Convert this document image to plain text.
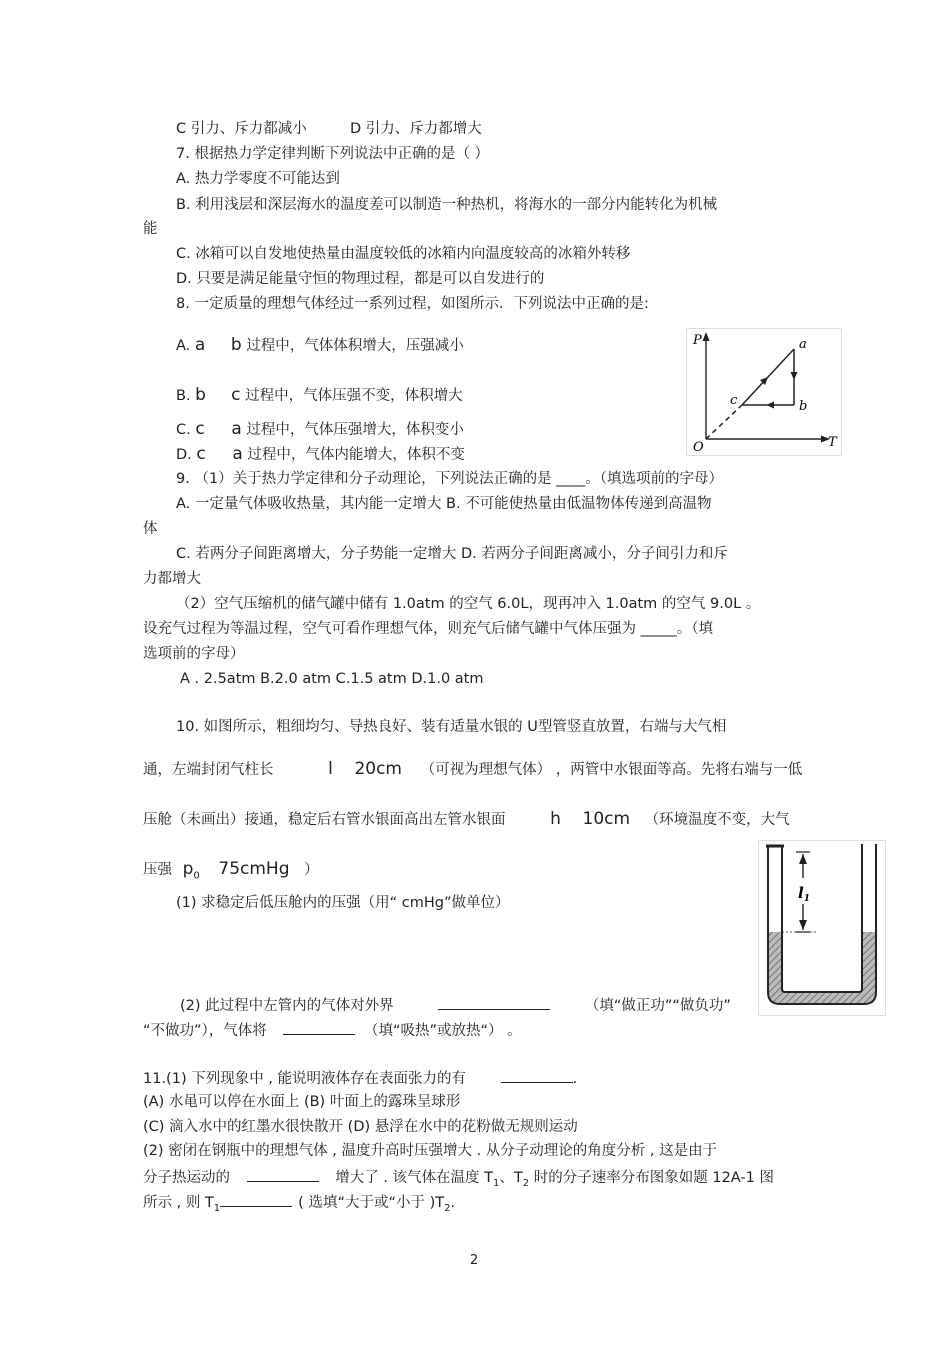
C 引力、斥力都减小	D 引力、斥力都增大
7. 根据热力学定律判断下列说法中正确的是（ ）
A. 热力学零度不可能达到
B. 利用浅层和深层海水的温度差可以制造一种热机，将海水的一部分内能转化为机械
能
C. 冰箱可以自发地使热量由温度较低的冰箱内向温度较高的冰箱外转移
D. 只要是满足能量守恒的物理过程，都是可以自发进行的
8. 一定质量的理想气体经过一系列过程，如图所示．下列说法中正确的是:
A. a b 过程中，气体体积增大，压强减小
B. b c 过程中，气体压强不变，体积增大
C. c a 过程中，气体压强增大，体积变小
D. c a 过程中，气体内能增大，体积不变
P
T
O
a
b
c
9. （1）关于热力学定律和分子动理论，下列说法正确的是 ____。（填选项前的字母）
A. 一定量气体吸收热量，其内能一定增大 B. 不可能使热量由低温物体传递到高温物
体
C. 若两分子间距离增大，分子势能一定增大 D. 若两分子间距离减小，分子间引力和斥
力都增大
（2）空气压缩机的储气罐中储有 1.0atm 的空气 6.0L，现再冲入 1.0atm 的空气 9.0L 。
设充气过程为等温过程，空气可看作理想气体，则充气后储气罐中气体压强为 _____。（填
选项前的字母）
A . 2.5atm B.2.0 atm C.1.5 atm D.1.0 atm
10. 如图所示，粗细均匀、导热良好、装有适量水银的 U型管竖直放置，右端与大气相
通，左端封闭气柱长	l    20cm （可视为理想气体） ，两管中水银面等高。先将右端与一低
压舱（未画出）接通，稳定后右管水银面高出左管水银面	h    10cm （环境温度不变，大气
压强 $p_0$ 75cmHg ）
(1) 求稳定后低压舱内的压强（用“ cmHg”做单位）
(2) 此过程中左管内的气体对外界	（填“做正功”“做负功”
“不做功”），气体将	（填“吸热”或放热“） 。
$l_1$
11.(1) 下列现象中 , 能说明液体存在表面张力的有	.
(A) 水黾可以停在水面上 (B) 叶面上的露珠呈球形
(C) 滴入水中的红墨水很快散开 (D) 悬浮在水中的花粉做无规则运动
(2) 密闭在钢瓶中的理想气体 , 温度升高时压强增大 . 从分子动理论的角度分析 , 这是由于
分子热运动的	增大了 . 该气体在温度 $T_1$、$T_2$ 时的分子速率分布图象如题 12A-1 图
所示 , 则 $T_1$	( 选填“大于或“小于 )$T_2$.
2
